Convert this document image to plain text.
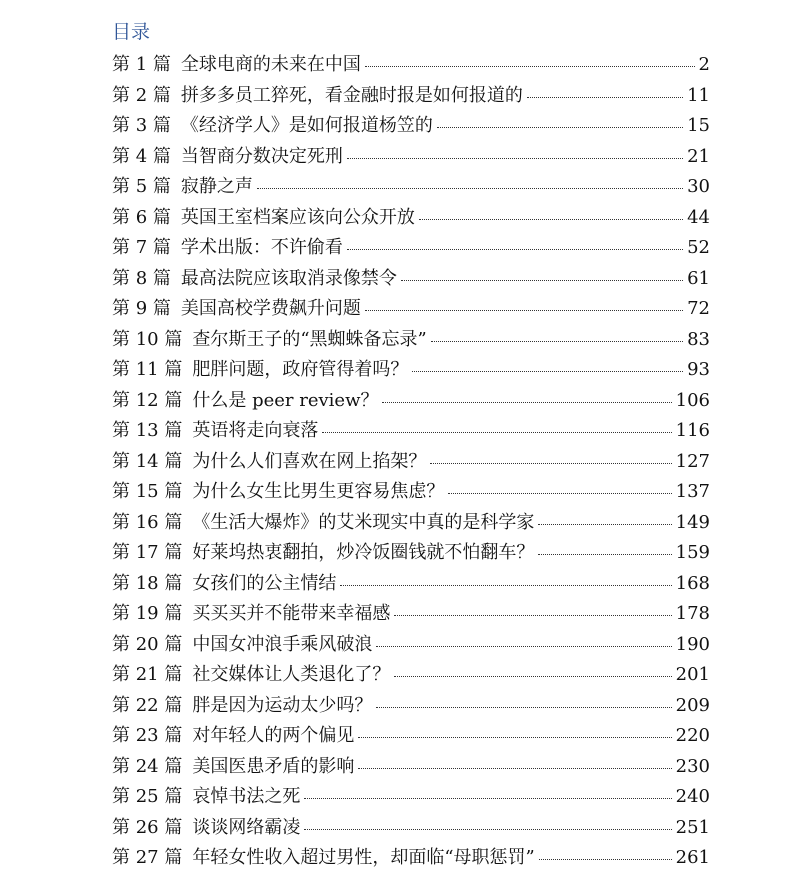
目录
第 1 篇 全球电商的未来在中国	2
第 2 篇 拼多多员工猝死，看金融时报是如何报道的	11
第 3 篇 《经济学人》是如何报道杨笠的	15
第 4 篇 当智商分数决定死刑	21
第 5 篇 寂静之声	30
第 6 篇 英国王室档案应该向公众开放	44
第 7 篇 学术出版：不许偷看	52
第 8 篇 最高法院应该取消录像禁令	61
第 9 篇 美国高校学费飙升问题	72
第 10 篇 查尔斯王子的“黑蜘蛛备忘录”	83
第 11 篇 肥胖问题，政府管得着吗？	93
第 12 篇 什么是 peer review？	106
第 13 篇 英语将走向衰落	116
第 14 篇 为什么人们喜欢在网上掐架？	127
第 15 篇 为什么女生比男生更容易焦虑？	137
第 16 篇 《生活大爆炸》的艾米现实中真的是科学家	149
第 17 篇 好莱坞热衷翻拍，炒冷饭圈钱就不怕翻车？	159
第 18 篇 女孩们的公主情结	168
第 19 篇 买买买并不能带来幸福感	178
第 20 篇 中国女冲浪手乘风破浪	190
第 21 篇 社交媒体让人类退化了？	201
第 22 篇 胖是因为运动太少吗？	209
第 23 篇 对年轻人的两个偏见	220
第 24 篇 美国医患矛盾的影响	230
第 25 篇 哀悼书法之死	240
第 26 篇 谈谈网络霸凌	251
第 27 篇 年轻女性收入超过男性，却面临“母职惩罚”	261
